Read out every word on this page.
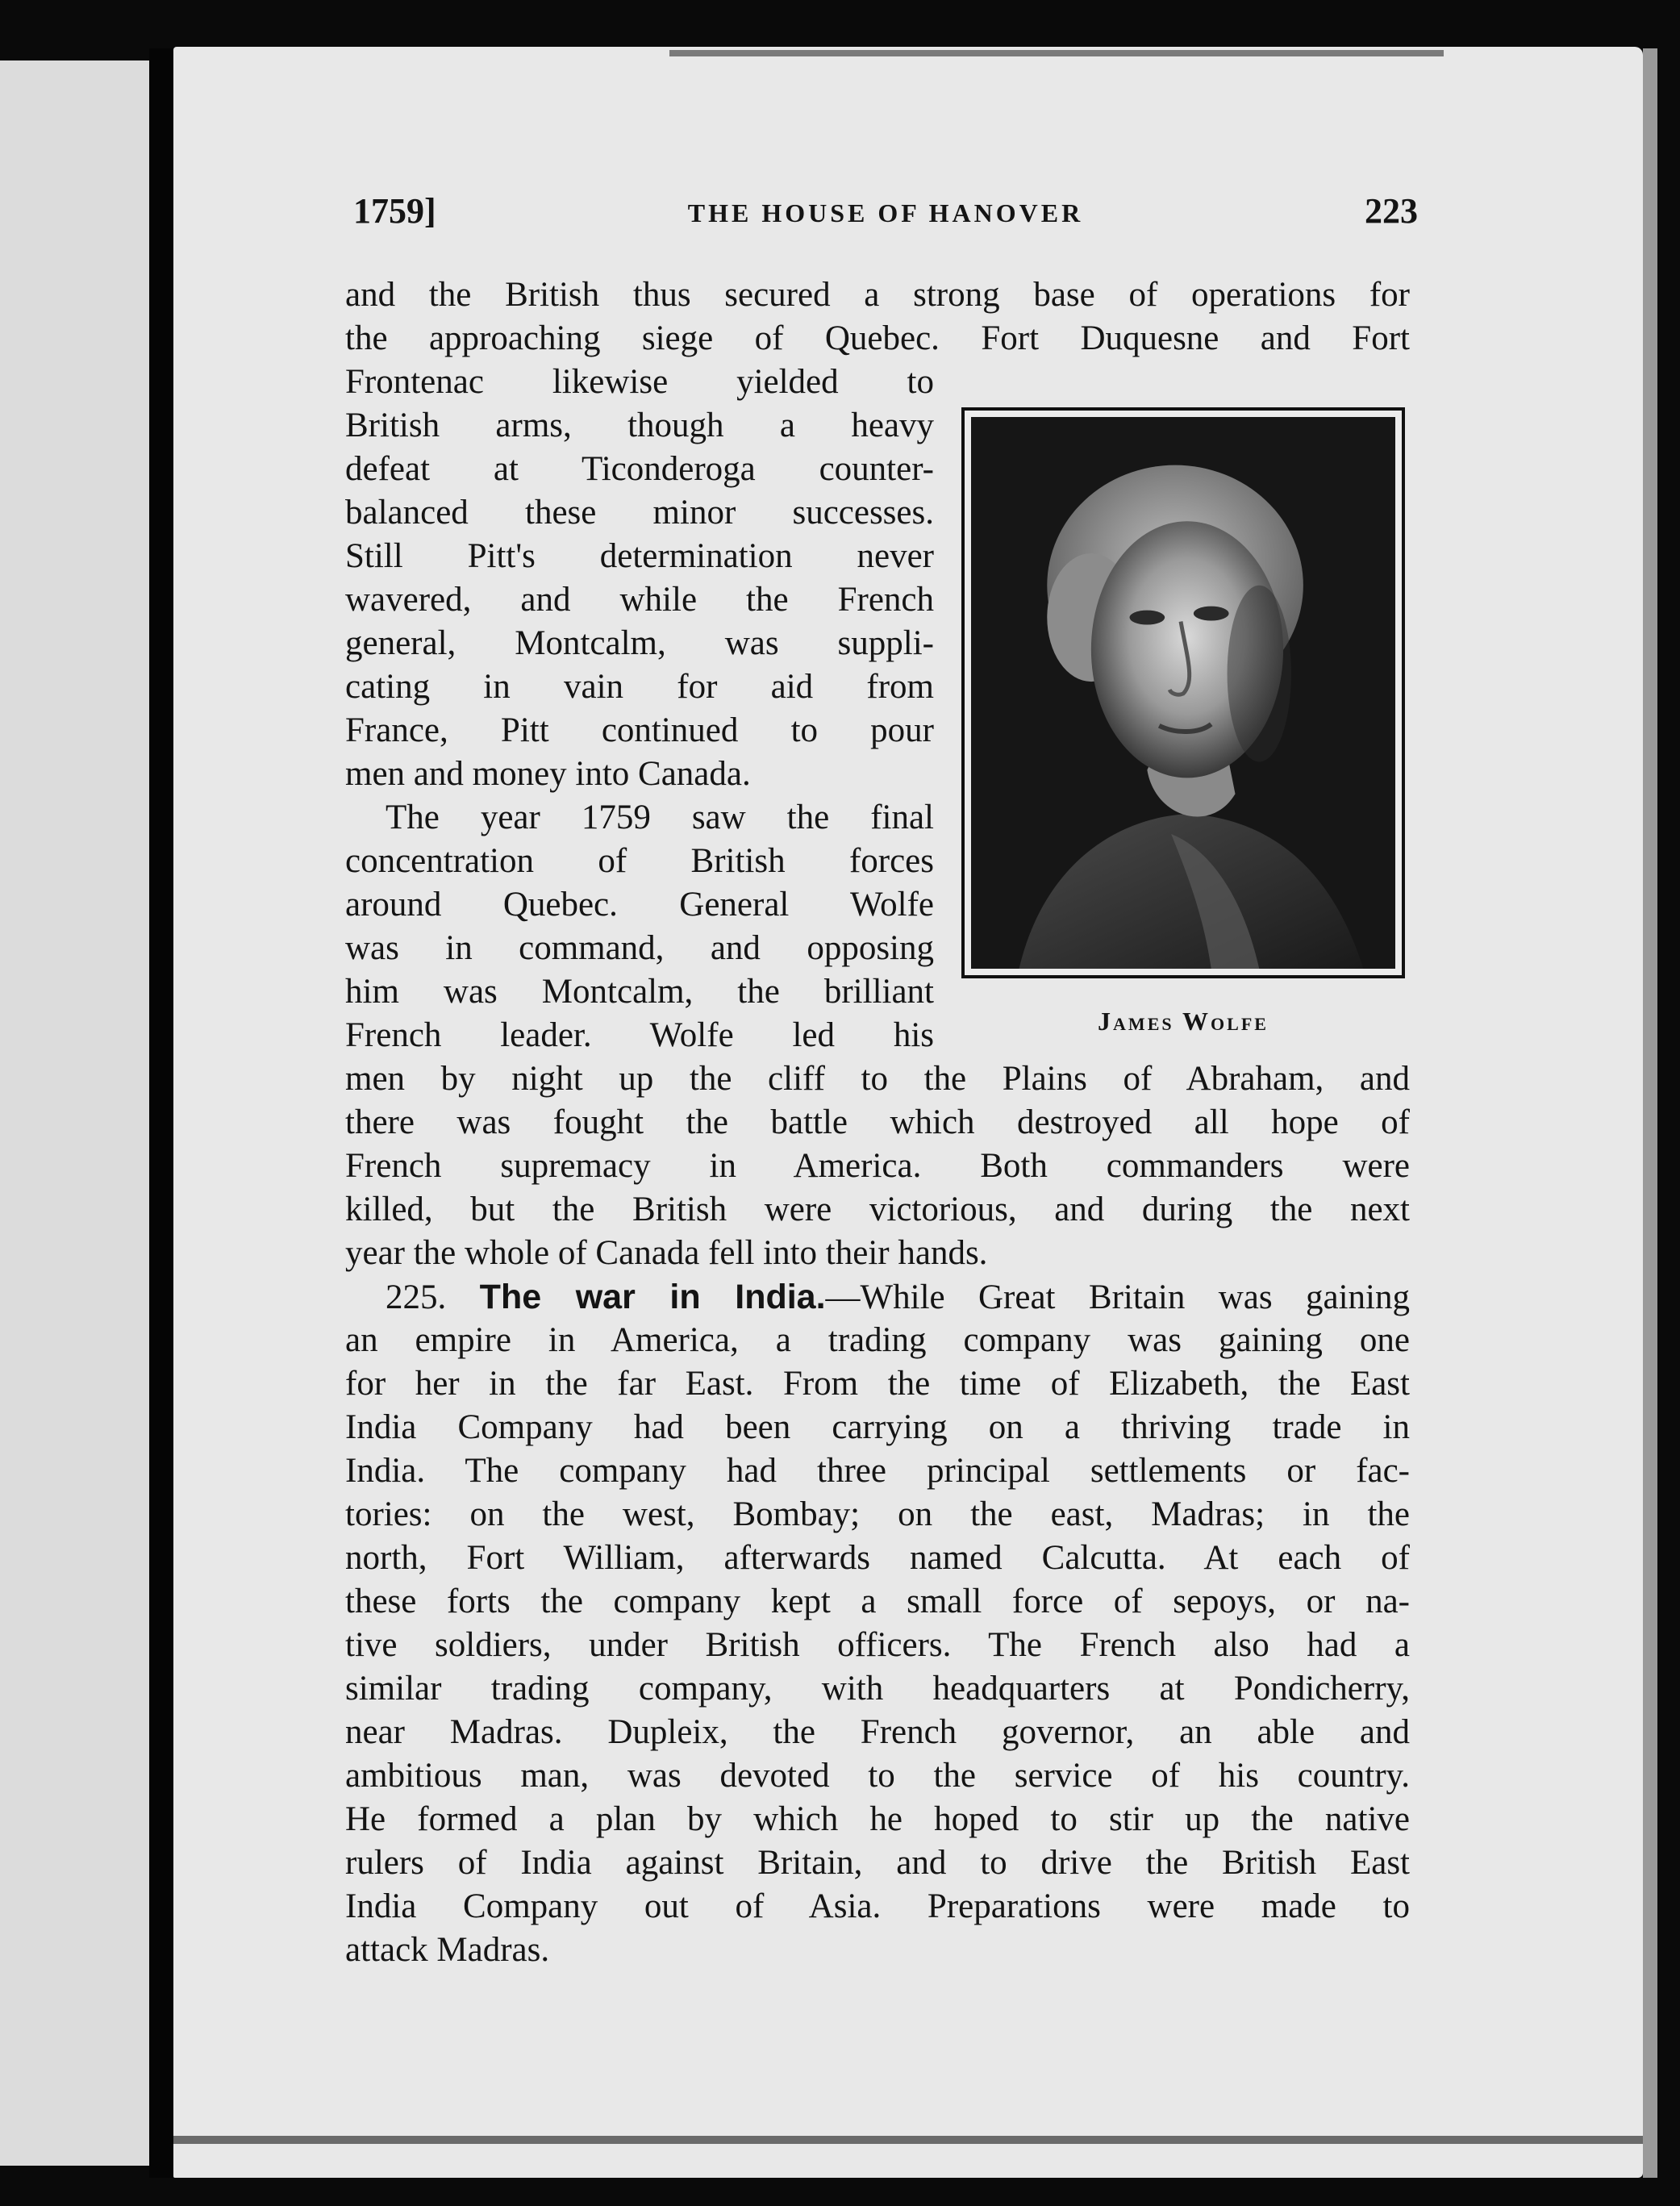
1759]	THE HOUSE OF HANOVER	223
and the British thus secured a strong base of operations for
the approaching siege of Quebec. Fort Duquesne and Fort
Frontenac likewise yielded to
British arms, though a heavy
defeat at Ticonderoga counter-
balanced these minor successes.
Still Pitt's determination never
wavered, and while the French
general, Montcalm, was suppli-
cating in vain for aid from
France, Pitt continued to pour
men and money into Canada.
The year 1759 saw the final
concentration of British forces
around Quebec. General Wolfe
was in command, and opposing
him was Montcalm, the brilliant
French leader. Wolfe led his
men by night up the cliff to the Plains of Abraham, and
there was fought the battle which destroyed all hope of
French supremacy in America. Both commanders were
killed, but the British were victorious, and during the next
year the whole of Canada fell into their hands.
225. The war in India.—While Great Britain was gaining
an empire in America, a trading company was gaining one
for her in the far East. From the time of Elizabeth, the East
India Company had been carrying on a thriving trade in
India. The company had three principal settlements or fac-
tories: on the west, Bombay; on the east, Madras; in the
north, Fort William, afterwards named Calcutta. At each of
these forts the company kept a small force of sepoys, or na-
tive soldiers, under British officers. The French also had a
similar trading company, with headquarters at Pondicherry,
near Madras. Dupleix, the French governor, an able and
ambitious man, was devoted to the service of his country.
He formed a plan by which he hoped to stir up the native
rulers of India against Britain, and to drive the British East
India Company out of Asia. Preparations were made to
attack Madras.
James Wolfe
